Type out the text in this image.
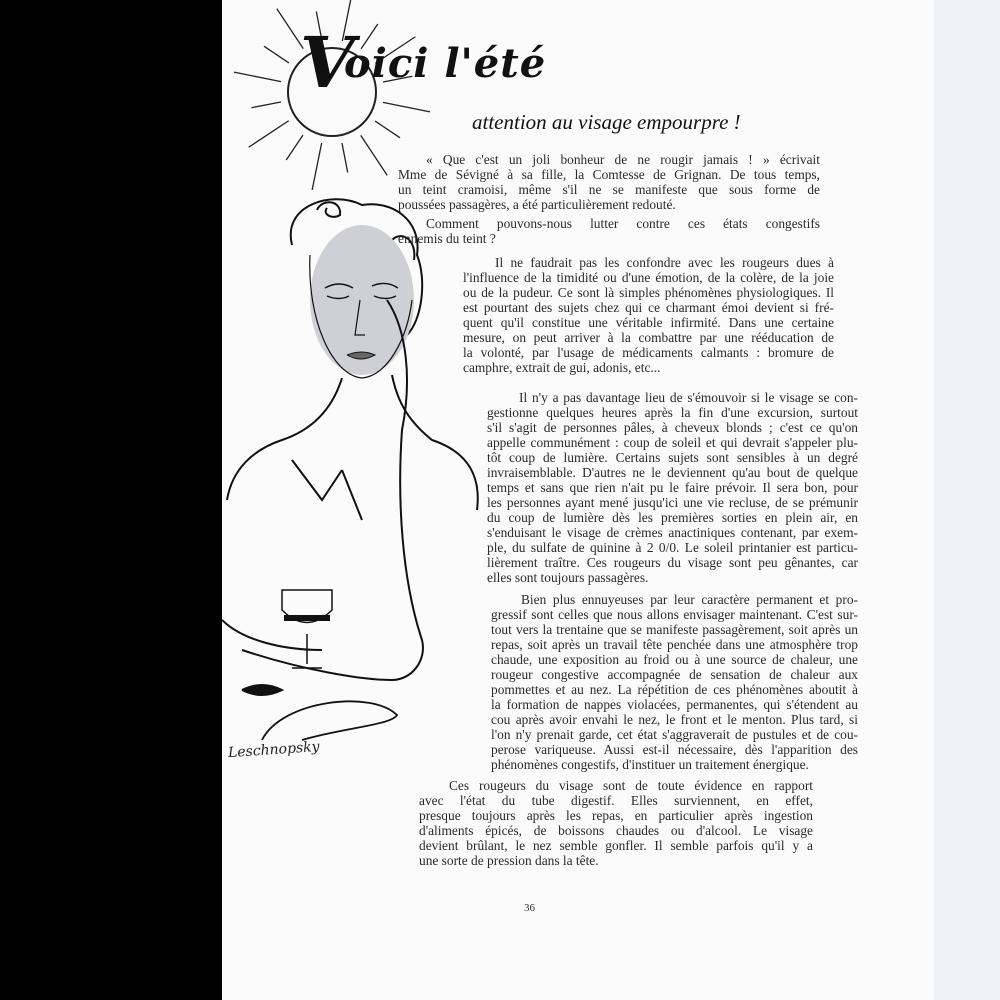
V
oici l'été
attention au visage empourpre !
« Que c'est un joli bonheur de ne rougir jamais ! » écrivait
Mme de Sévigné à sa fille, la Comtesse de Grignan. De tous temps,
un teint cramoisi, même s'il ne se manifeste que sous forme de
poussées passagères, a été particulièrement redouté.
Comment pouvons-nous lutter contre ces états congestifs
ennemis du teint ?
Il ne faudrait pas les confondre avec les rougeurs dues à
l'influence de la timidité ou d'une émotion, de la colère, de la joie
ou de la pudeur. Ce sont là simples phénomènes physiologiques. Il
est pourtant des sujets chez qui ce charmant émoi devient si fré-
quent qu'il constitue une véritable infirmité. Dans une certaine
mesure, on peut arriver à la combattre par une rééducation de
la volonté, par l'usage de médicaments calmants : bromure de
camphre, extrait de gui, adonis, etc...
Il n'y a pas davantage lieu de s'émouvoir si le visage se con-
gestionne quelques heures après la fin d'une excursion, surtout
s'il s'agit de personnes pâles, à cheveux blonds ; c'est ce qu'on
appelle communément : coup de soleil et qui devrait s'appeler plu-
tôt coup de lumière. Certains sujets sont sensibles à un degré
invraisemblable. D'autres ne le deviennent qu'au bout de quelque
temps et sans que rien n'ait pu le faire prévoir. Il sera bon, pour
les personnes ayant mené jusqu'ici une vie recluse, de se prémunir
du coup de lumière dès les premières sorties en plein air, en
s'enduisant le visage de crèmes anactiniques contenant, par exem-
ple, du sulfate de quinine à 2 0/0. Le soleil printanier est particu-
lièrement traître. Ces rougeurs du visage sont peu gênantes, car
elles sont toujours passagères.
Bien plus ennuyeuses par leur caractère permanent et pro-
gressif sont celles que nous allons envisager maintenant. C'est sur-
tout vers la trentaine que se manifeste passagèrement, soit après un
repas, soit après un travail tête penchée dans une atmosphère trop
chaude, une exposition au froid ou à une source de chaleur, une
rougeur congestive accompagnée de sensation de chaleur aux
pommettes et au nez. La répétition de ces phénomènes aboutit à
la formation de nappes violacées, permanentes, qui s'étendent au
cou après avoir envahi le nez, le front et le menton. Plus tard, si
l'on n'y prenait garde, cet état s'aggraverait de pustules et de cou-
perose variqueuse. Aussi est-il nécessaire, dès l'apparition des
phénomènes congestifs, d'instituer un traitement énergique.
Ces rougeurs du visage sont de toute évidence en rapport
avec l'état du tube digestif. Elles surviennent, en effet,
presque toujours après les repas, en particulier après ingestion
d'aliments épicés, de boissons chaudes ou d'alcool. Le visage
devient brûlant, le nez semble gonfler. Il semble parfois qu'il y a
une sorte de pression dans la tête.
Leschnopsky
36
